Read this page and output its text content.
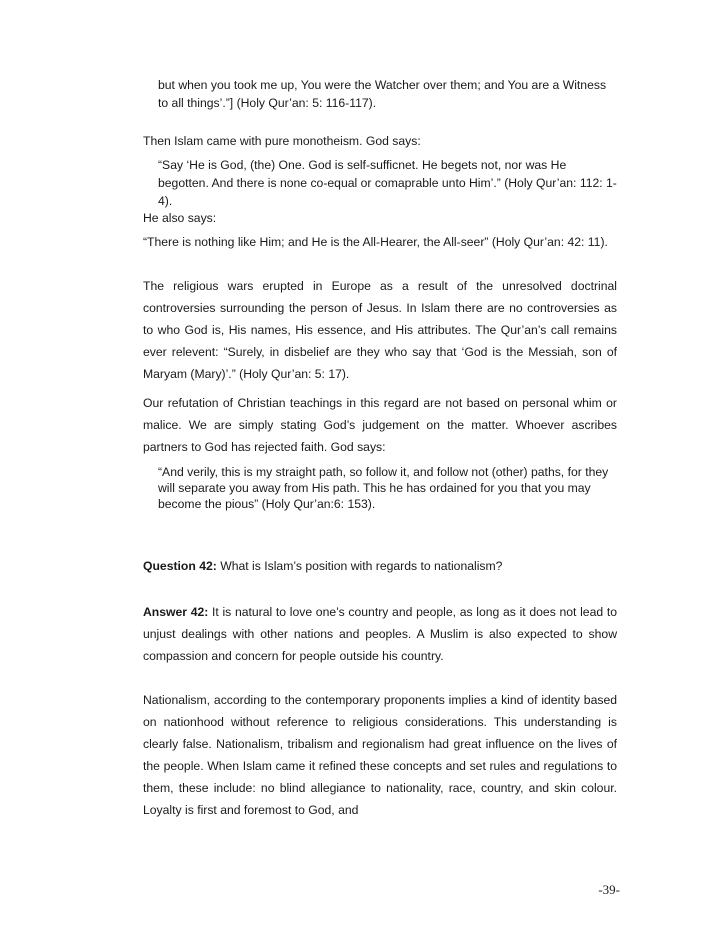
but when you took me up, You were the Watcher over them; and You are a Witness to all things’.”] (Holy Qur’an: 5: 116-117).
Then Islam came with pure monotheism. God says:
“Say ‘He is God, (the) One. God is self-sufficnet. He begets not, nor was He begotten. And there is none co-equal or comaprable unto Him’.” (Holy Qur’an: 112: 1-4).
He also says:
“There is nothing like Him; and He is the All-Hearer, the All-seer” (Holy Qur’an: 42: 11).
The religious wars erupted in Europe as a result of the unresolved doctrinal controversies surrounding the person of Jesus. In Islam there are no controversies as to who God is, His names, His essence, and His attributes. The Qur’an’s call remains ever relevent: “Surely, in disbelief are they who say that ‘God is the Messiah, son of Maryam (Mary)’.” (Holy Qur’an: 5: 17).
Our refutation of Christian teachings in this regard are not based on personal whim or malice. We are simply stating God’s judgement on the matter. Whoever ascribes partners to God has rejected faith. God says:
“And verily, this is my straight path, so follow it, and follow not (other) paths, for they will separate you away from His path. This he has ordained for you that you may become the pious” (Holy Qur’an:6: 153).
Question 42: What is Islam’s position with regards to nationalism?
Answer 42: It is natural to love one’s country and people, as long as it does not lead to unjust dealings with other nations and peoples. A Muslim is also expected to show compassion and concern for people outside his country.
Nationalism, according to the contemporary proponents implies a kind of identity based on nationhood without reference to religious considerations. This understanding is clearly false. Nationalism, tribalism and regionalism had great influence on the lives of the people. When Islam came it refined these concepts and set rules and regulations to them, these include: no blind allegiance to nationality, race, country, and skin colour. Loyalty is first and foremost to God, and
-39-
